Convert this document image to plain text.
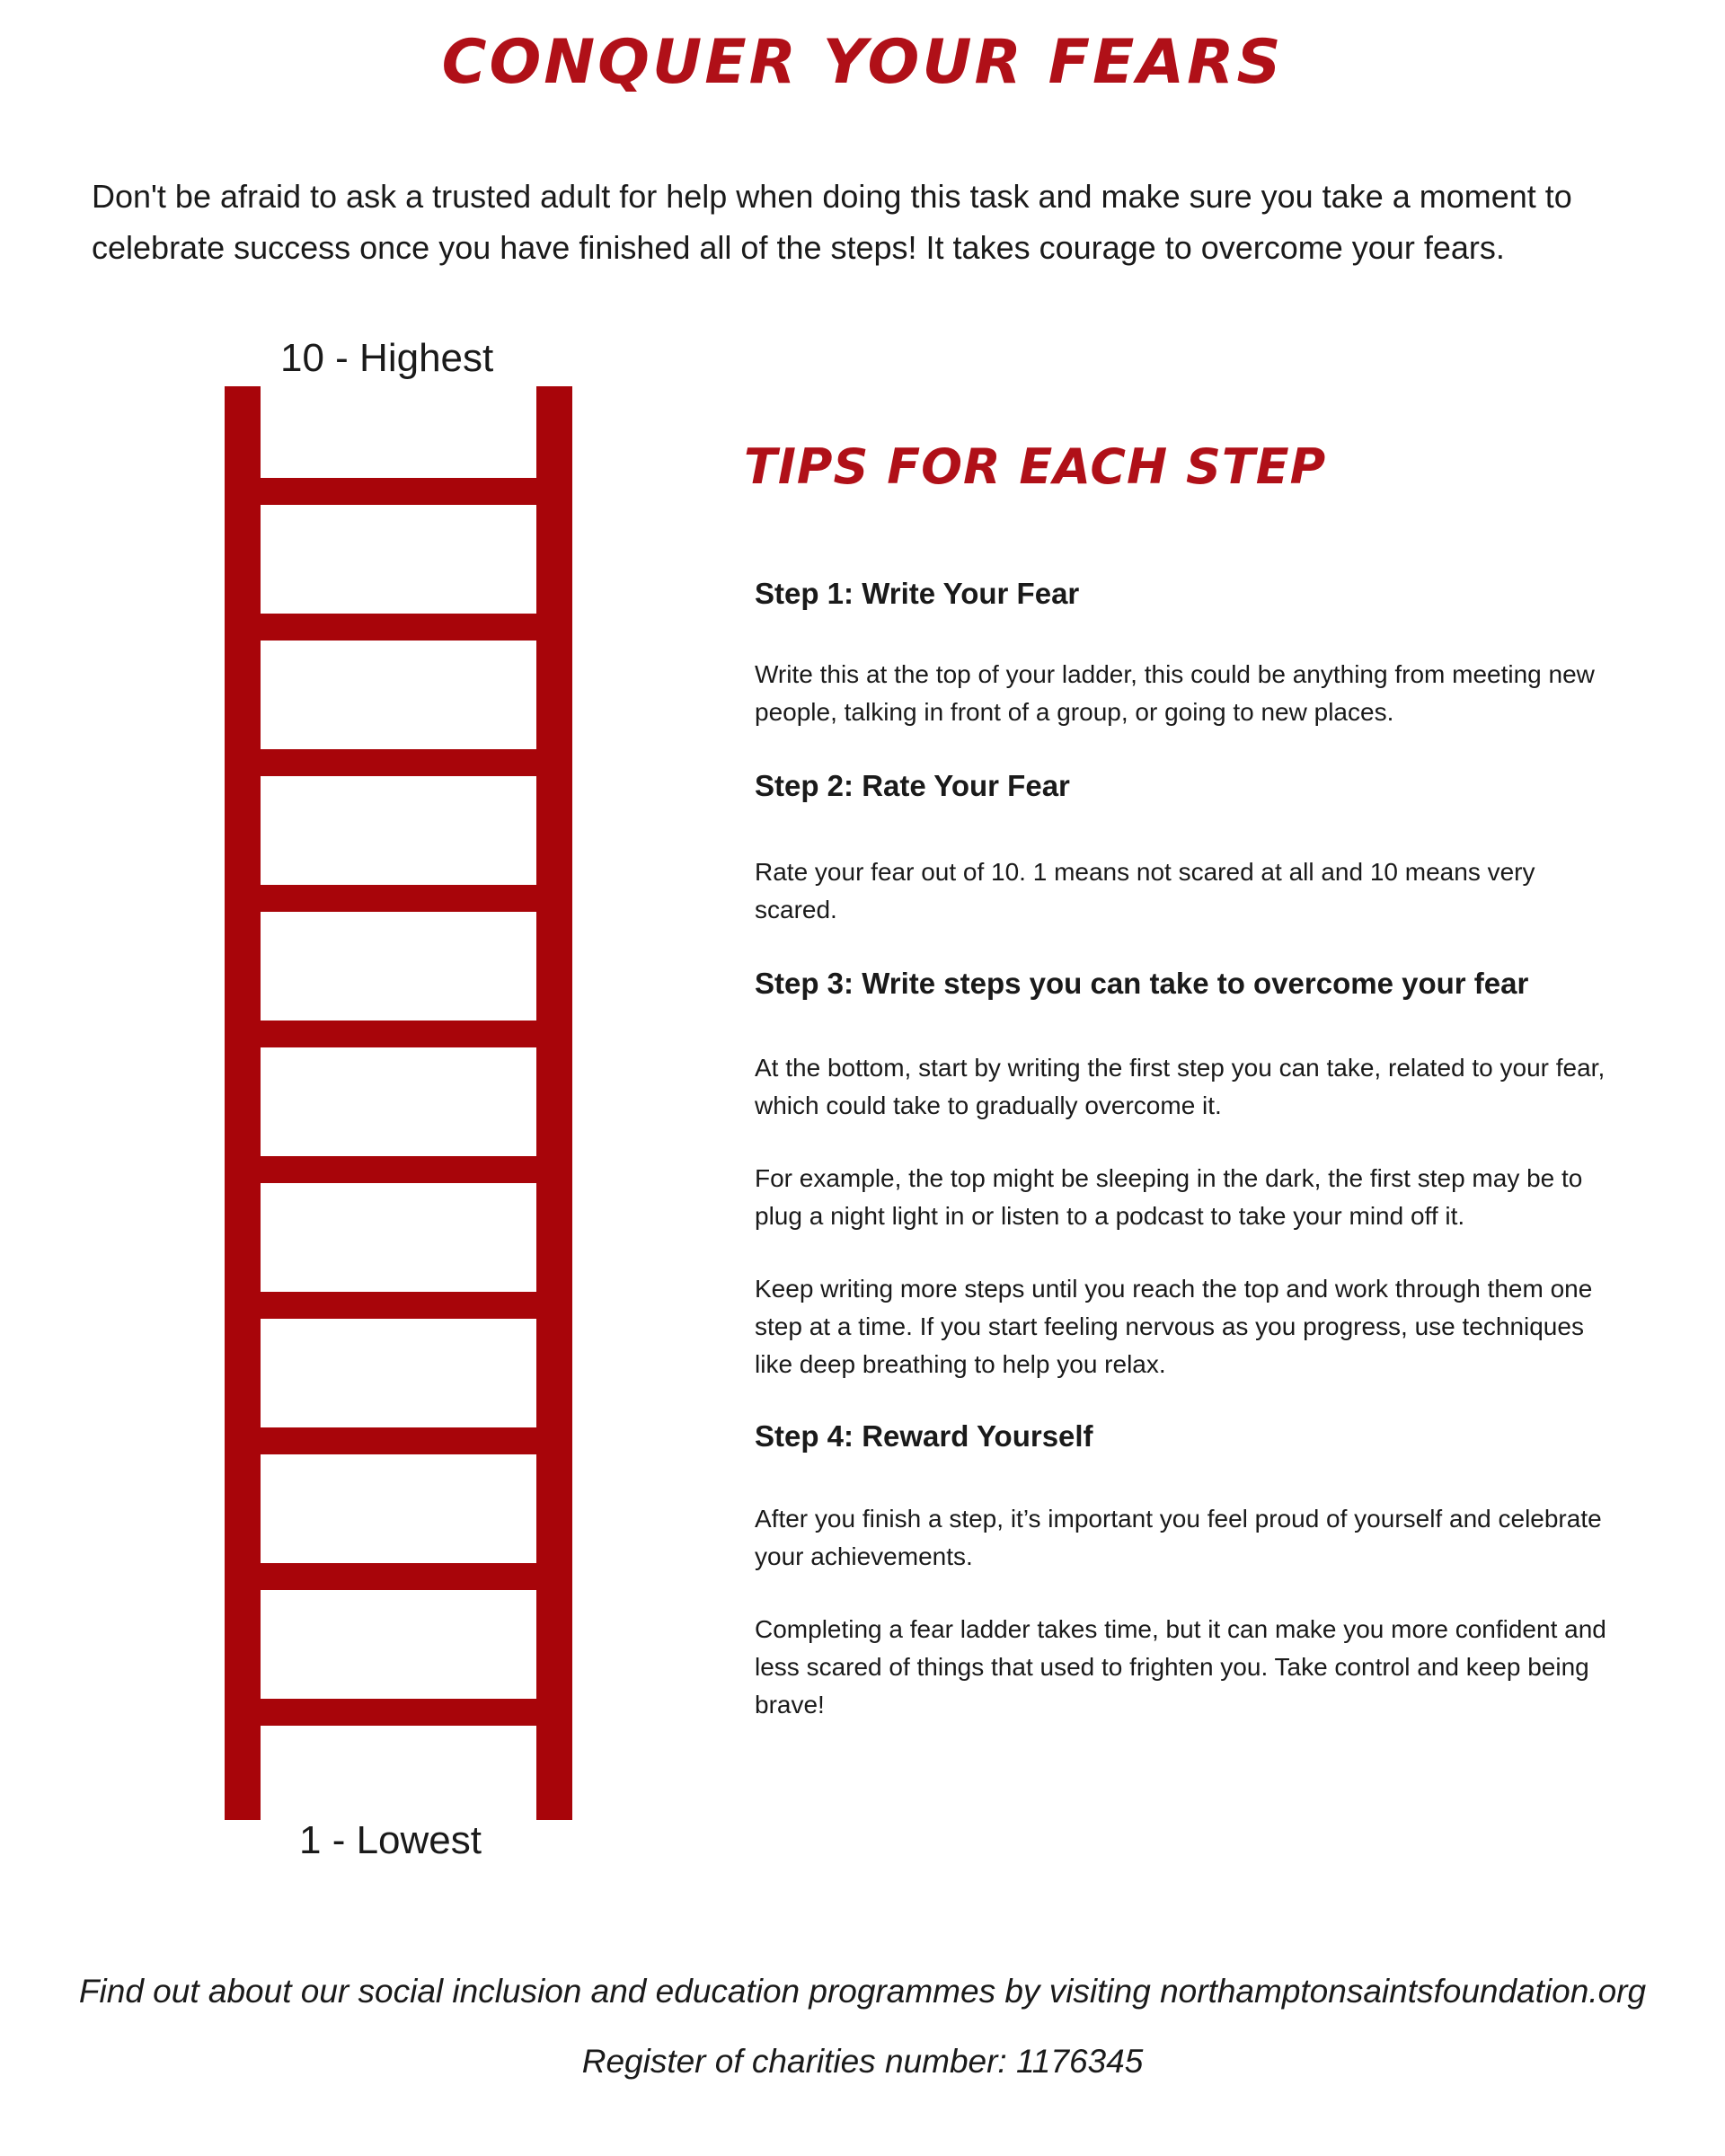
CONQUER YOUR FEARS
Don't be afraid to ask a trusted adult for help when doing this task and make sure you take a moment to celebrate success once you have finished all of the steps! It takes courage to overcome your fears.
10 - Highest
1 - Lowest
TIPS FOR EACH STEP
Step 1: Write Your Fear
Write this at the top of your ladder, this could be anything from meeting new people, talking in front of a group, or going to new places.
Step 2: Rate Your Fear
Rate your fear out of 10. 1 means not scared at all and 10 means very scared.
Step 3: Write steps you can take to overcome your fear
At the bottom, start by writing the first step you can take, related to your fear, which could take to gradually overcome it.
For example, the top might be sleeping in the dark, the first step may be to plug a night light in or listen to a podcast to take your mind off it.
Keep writing more steps until you reach the top and work through them one step at a time. If you start feeling nervous as you progress, use techniques like deep breathing to help you relax.
Step 4: Reward Yourself
After you finish a step, it’s important you feel proud of yourself and celebrate your achievements.
Completing a fear ladder takes time, but it can make you more confident and less scared of things that used to frighten you. Take control and keep being brave!
Find out about our social inclusion and education programmes by visiting northamptonsaintsfoundation.org
Register of charities number: 1176345
